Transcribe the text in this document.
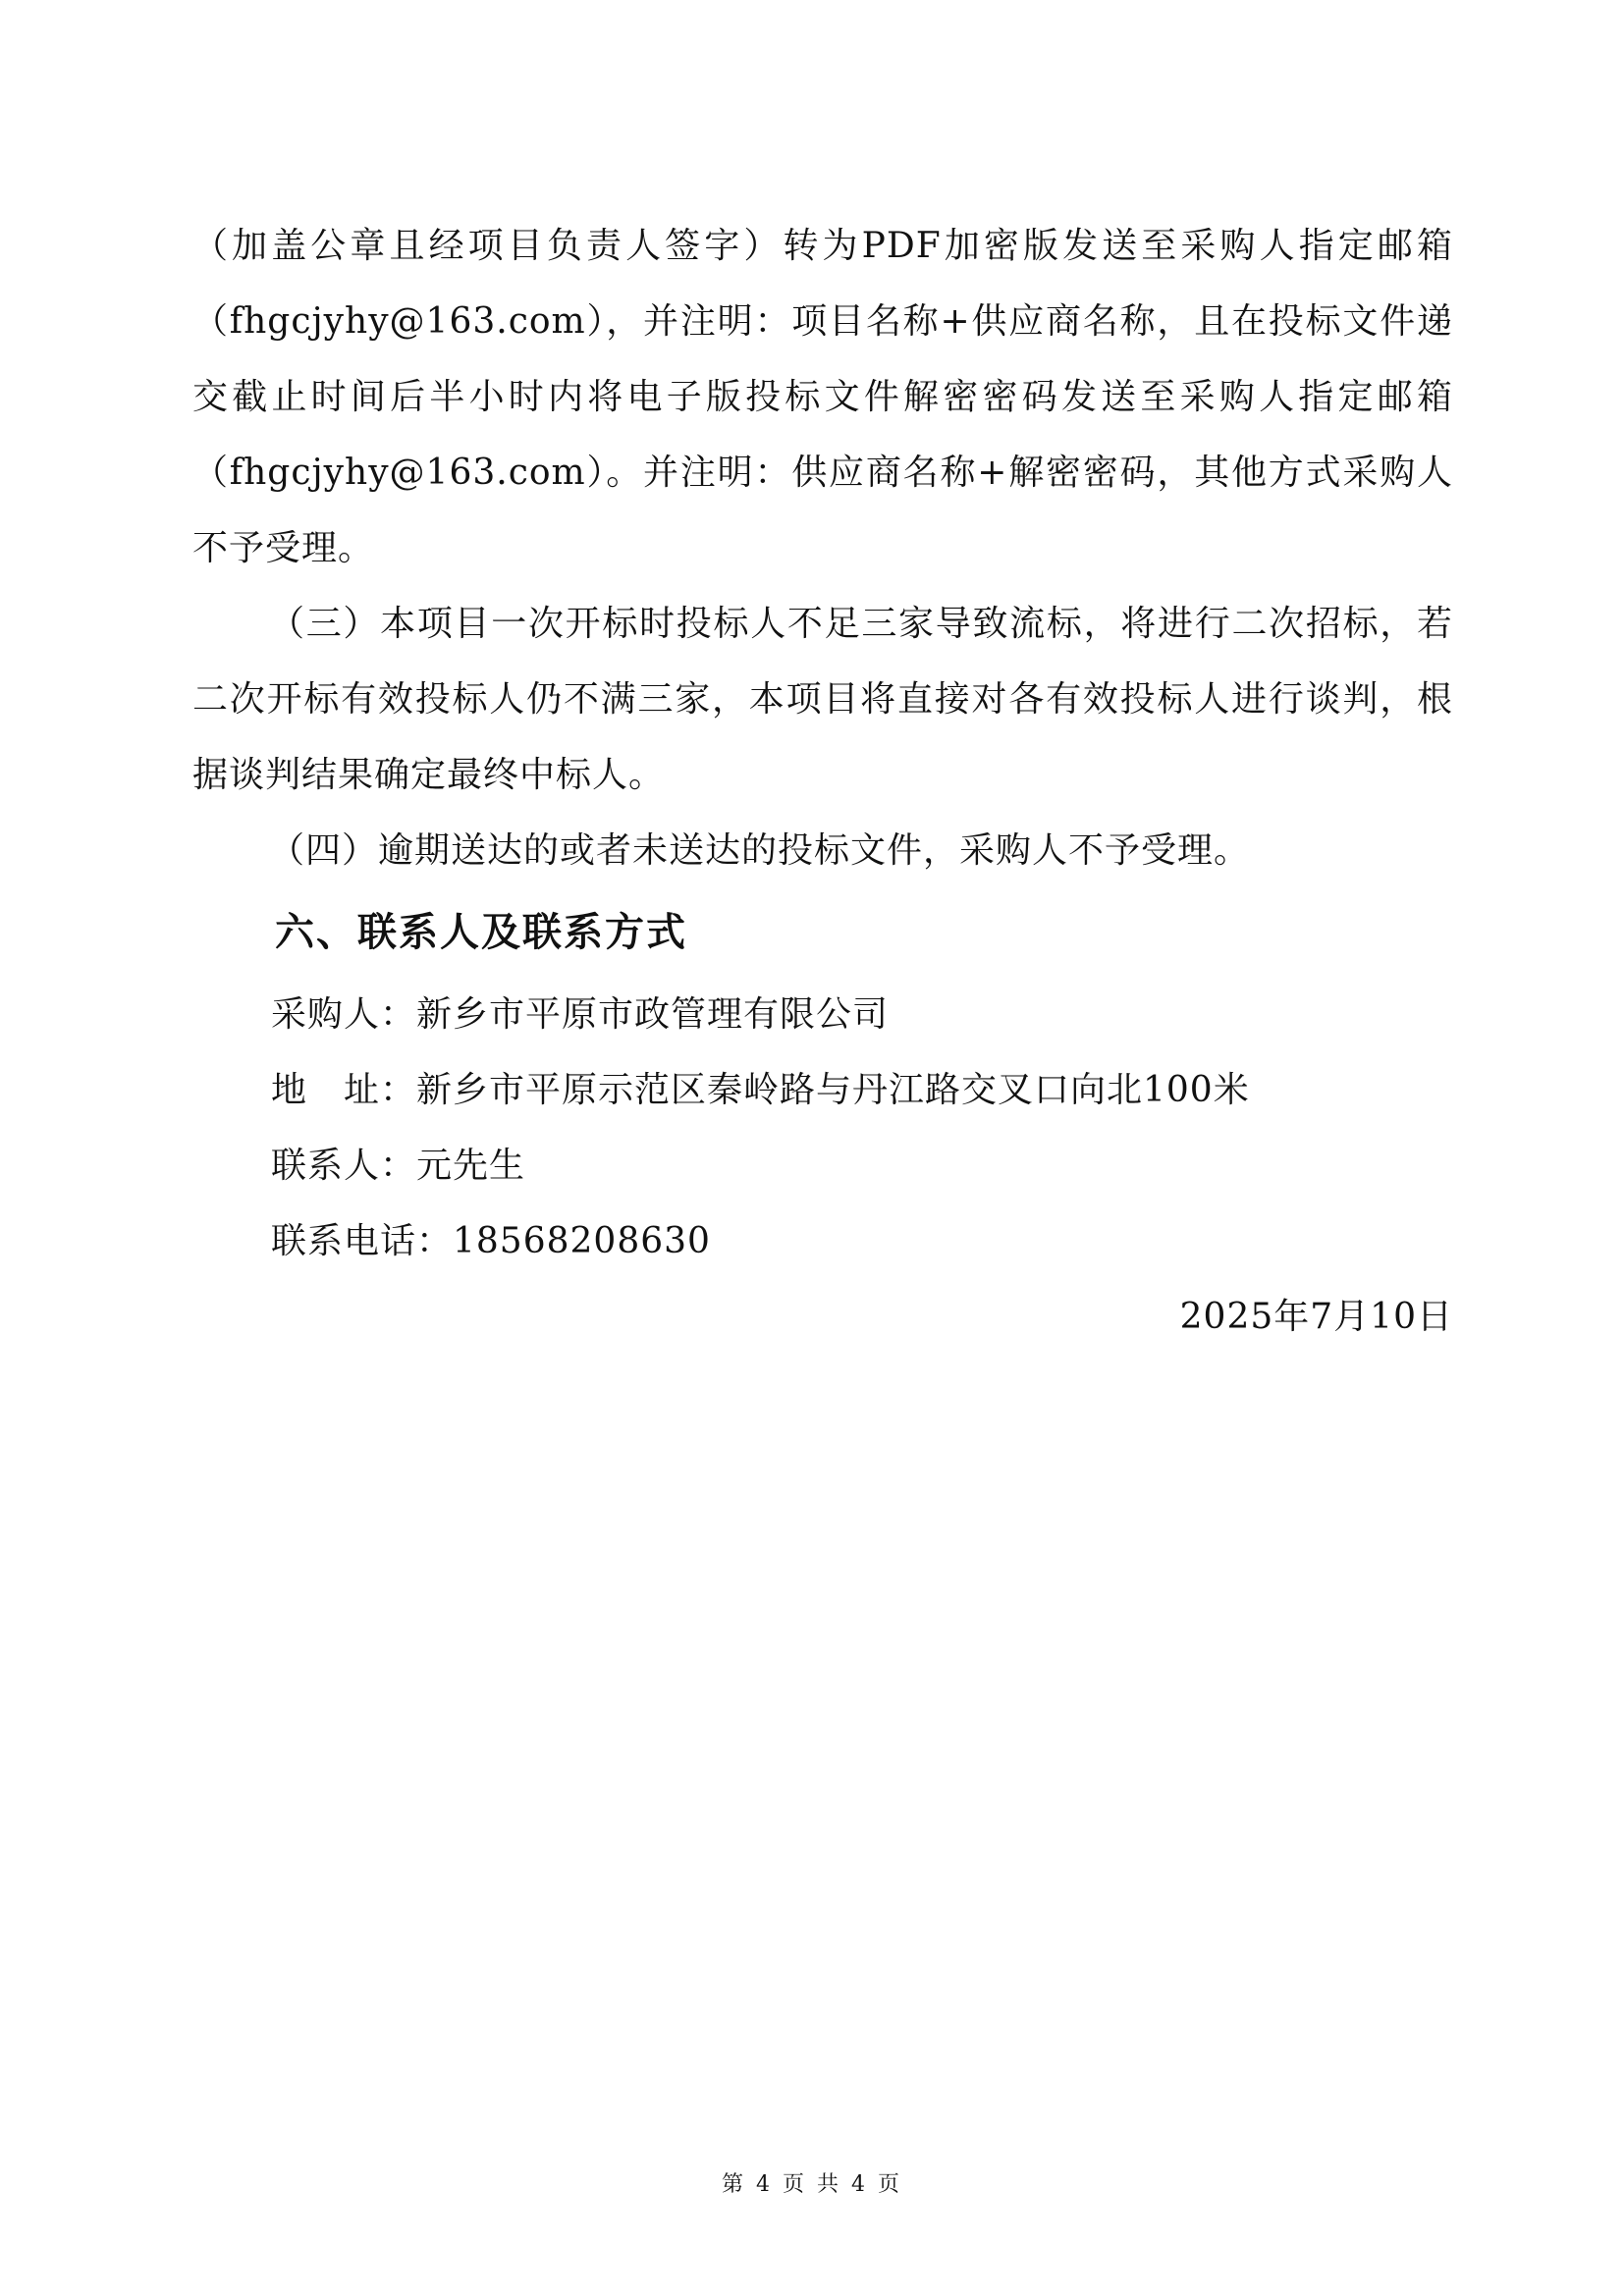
（加盖公章且经项目负责人签字）转为PDF加密版发送至采购人指定邮箱（fhgcjyhy@163.com），并注明：项目名称+供应商名称，且在投标文件递交截止时间后半小时内将电子版投标文件解密密码发送至采购人指定邮箱（fhgcjyhy@163.com）。并注明：供应商名称+解密密码，其他方式采购人不予受理。

（三）本项目一次开标时投标人不足三家导致流标，将进行二次招标，若二次开标有效投标人仍不满三家，本项目将直接对各有效投标人进行谈判，根据谈判结果确定最终中标人。

（四）逾期送达的或者未送达的投标文件，采购人不予受理。

六、联系人及联系方式

采购人：新乡市平原市政管理有限公司

地　址：新乡市平原示范区秦岭路与丹江路交叉口向北100米

联系人：元先生

联系电话：18568208630

2025年7月10日

第 4 页 共 4 页
